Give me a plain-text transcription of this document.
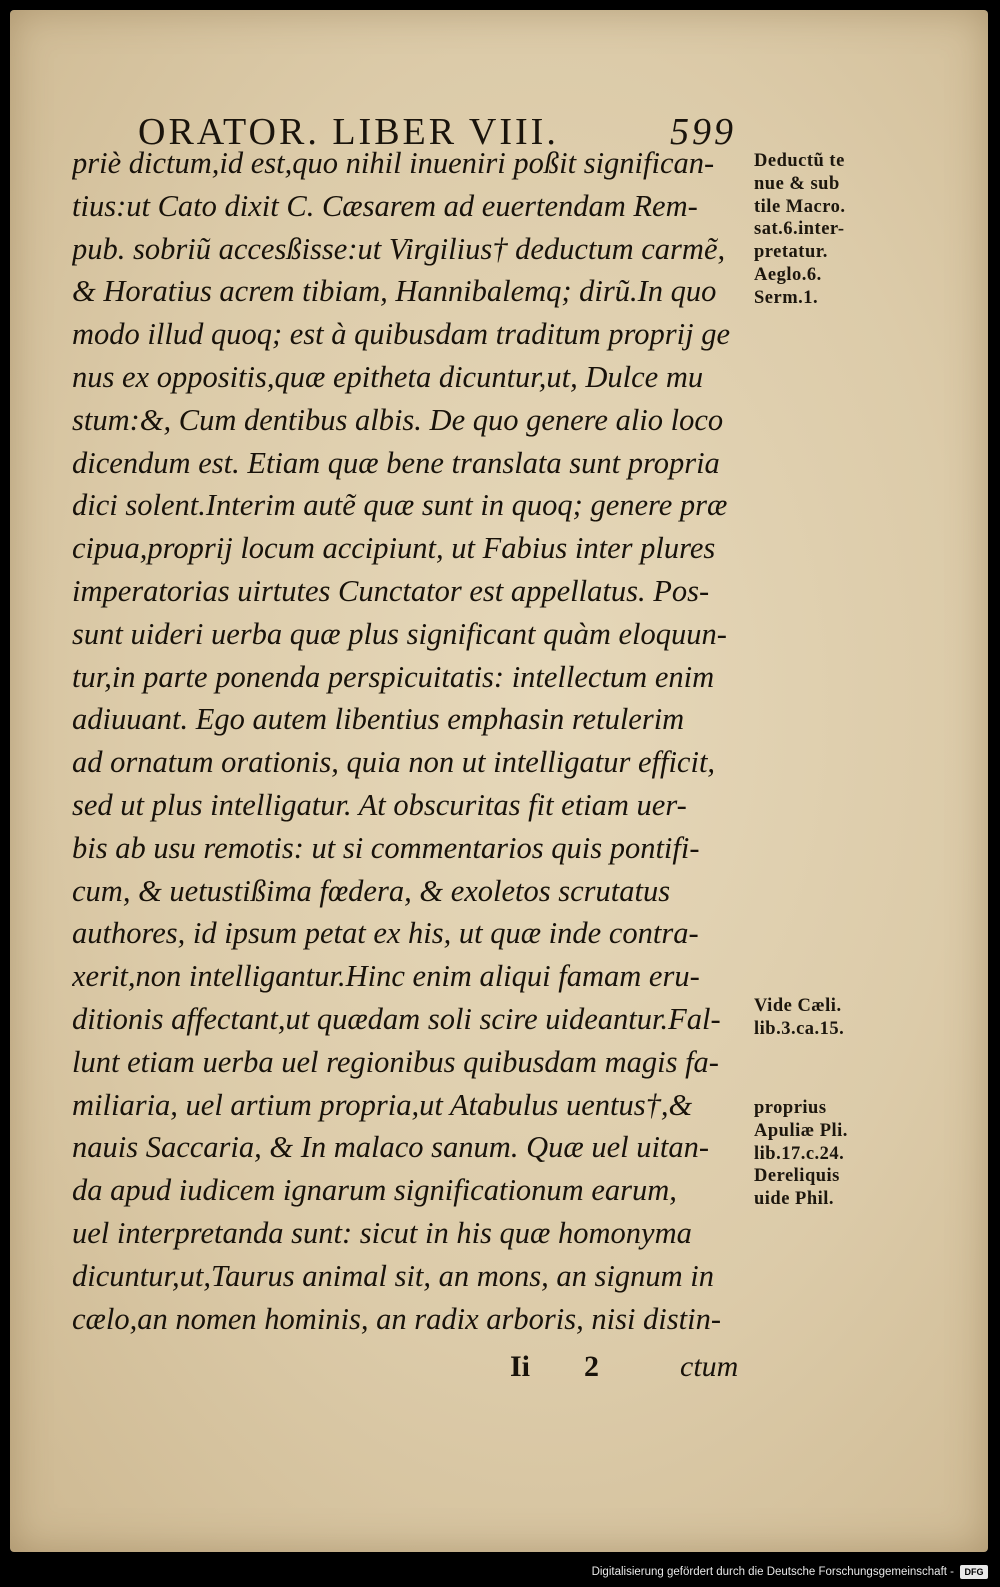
ORATOR. LIBER VIII.	599
priè dictum,id est,quo nihil inueniri poßit significan-
tius:ut Cato dixit C. Cæsarem ad euertendam Rem-
pub. sobriũ accesßisse:ut Virgilius† deductum carmẽ,
& Horatius acrem tibiam, Hannibalemq; dirũ.In quo
modo illud quoq; est à quibusdam traditum proprij ge
nus ex oppositis,quæ epitheta dicuntur,ut, Dulce mu
stum:&, Cum dentibus albis. De quo genere alio loco
dicendum est. Etiam quæ bene translata sunt propria
dici solent.Interim autẽ quæ sunt in quoq; genere præ
cipua,proprij locum accipiunt, ut Fabius inter plures
imperatorias uirtutes Cunctator est appellatus. Pos-
sunt uideri uerba quæ plus significant quàm eloquun-
tur,in parte ponenda perspicuitatis: intellectum enim
adiuuant. Ego autem libentius emphasin retulerim
ad ornatum orationis, quia non ut intelligatur efficit,
sed ut plus intelligatur. At obscuritas fit etiam uer-
bis ab usu remotis: ut si commentarios quis pontifi-
cum, & uetustißima fœdera, & exoletos scrutatus
authores, id ipsum petat ex his, ut quæ inde contra-
xerit,non intelligantur.Hinc enim aliqui famam eru-
ditionis affectant,ut quædam soli scire uideantur.Fal-
lunt etiam uerba uel regionibus quibusdam magis fa-
miliaria, uel artium propria,ut Atabulus uentus†,&
nauis Saccaria, & In malaco sanum. Quæ uel uitan-
da apud iudicem ignarum significationum earum,
uel interpretanda sunt: sicut in his quæ homonyma
dicuntur,ut,Taurus animal sit, an mons, an signum in
cælo,an nomen hominis, an radix arboris, nisi distin-
Ii 2	ctum
Deductũ te
nue & sub
tile Macro.
sat.6.inter-
pretatur.
Aeglo.6.
Serm.1.
Vide Cæli.
lib.3.ca.15.
proprius
Apuliæ Pli.
lib.17.c.24.
Dereliquis
uide Phil.
Digitalisierung gefördert durch die Deutsche Forschungsgemeinschaft -	DFG
